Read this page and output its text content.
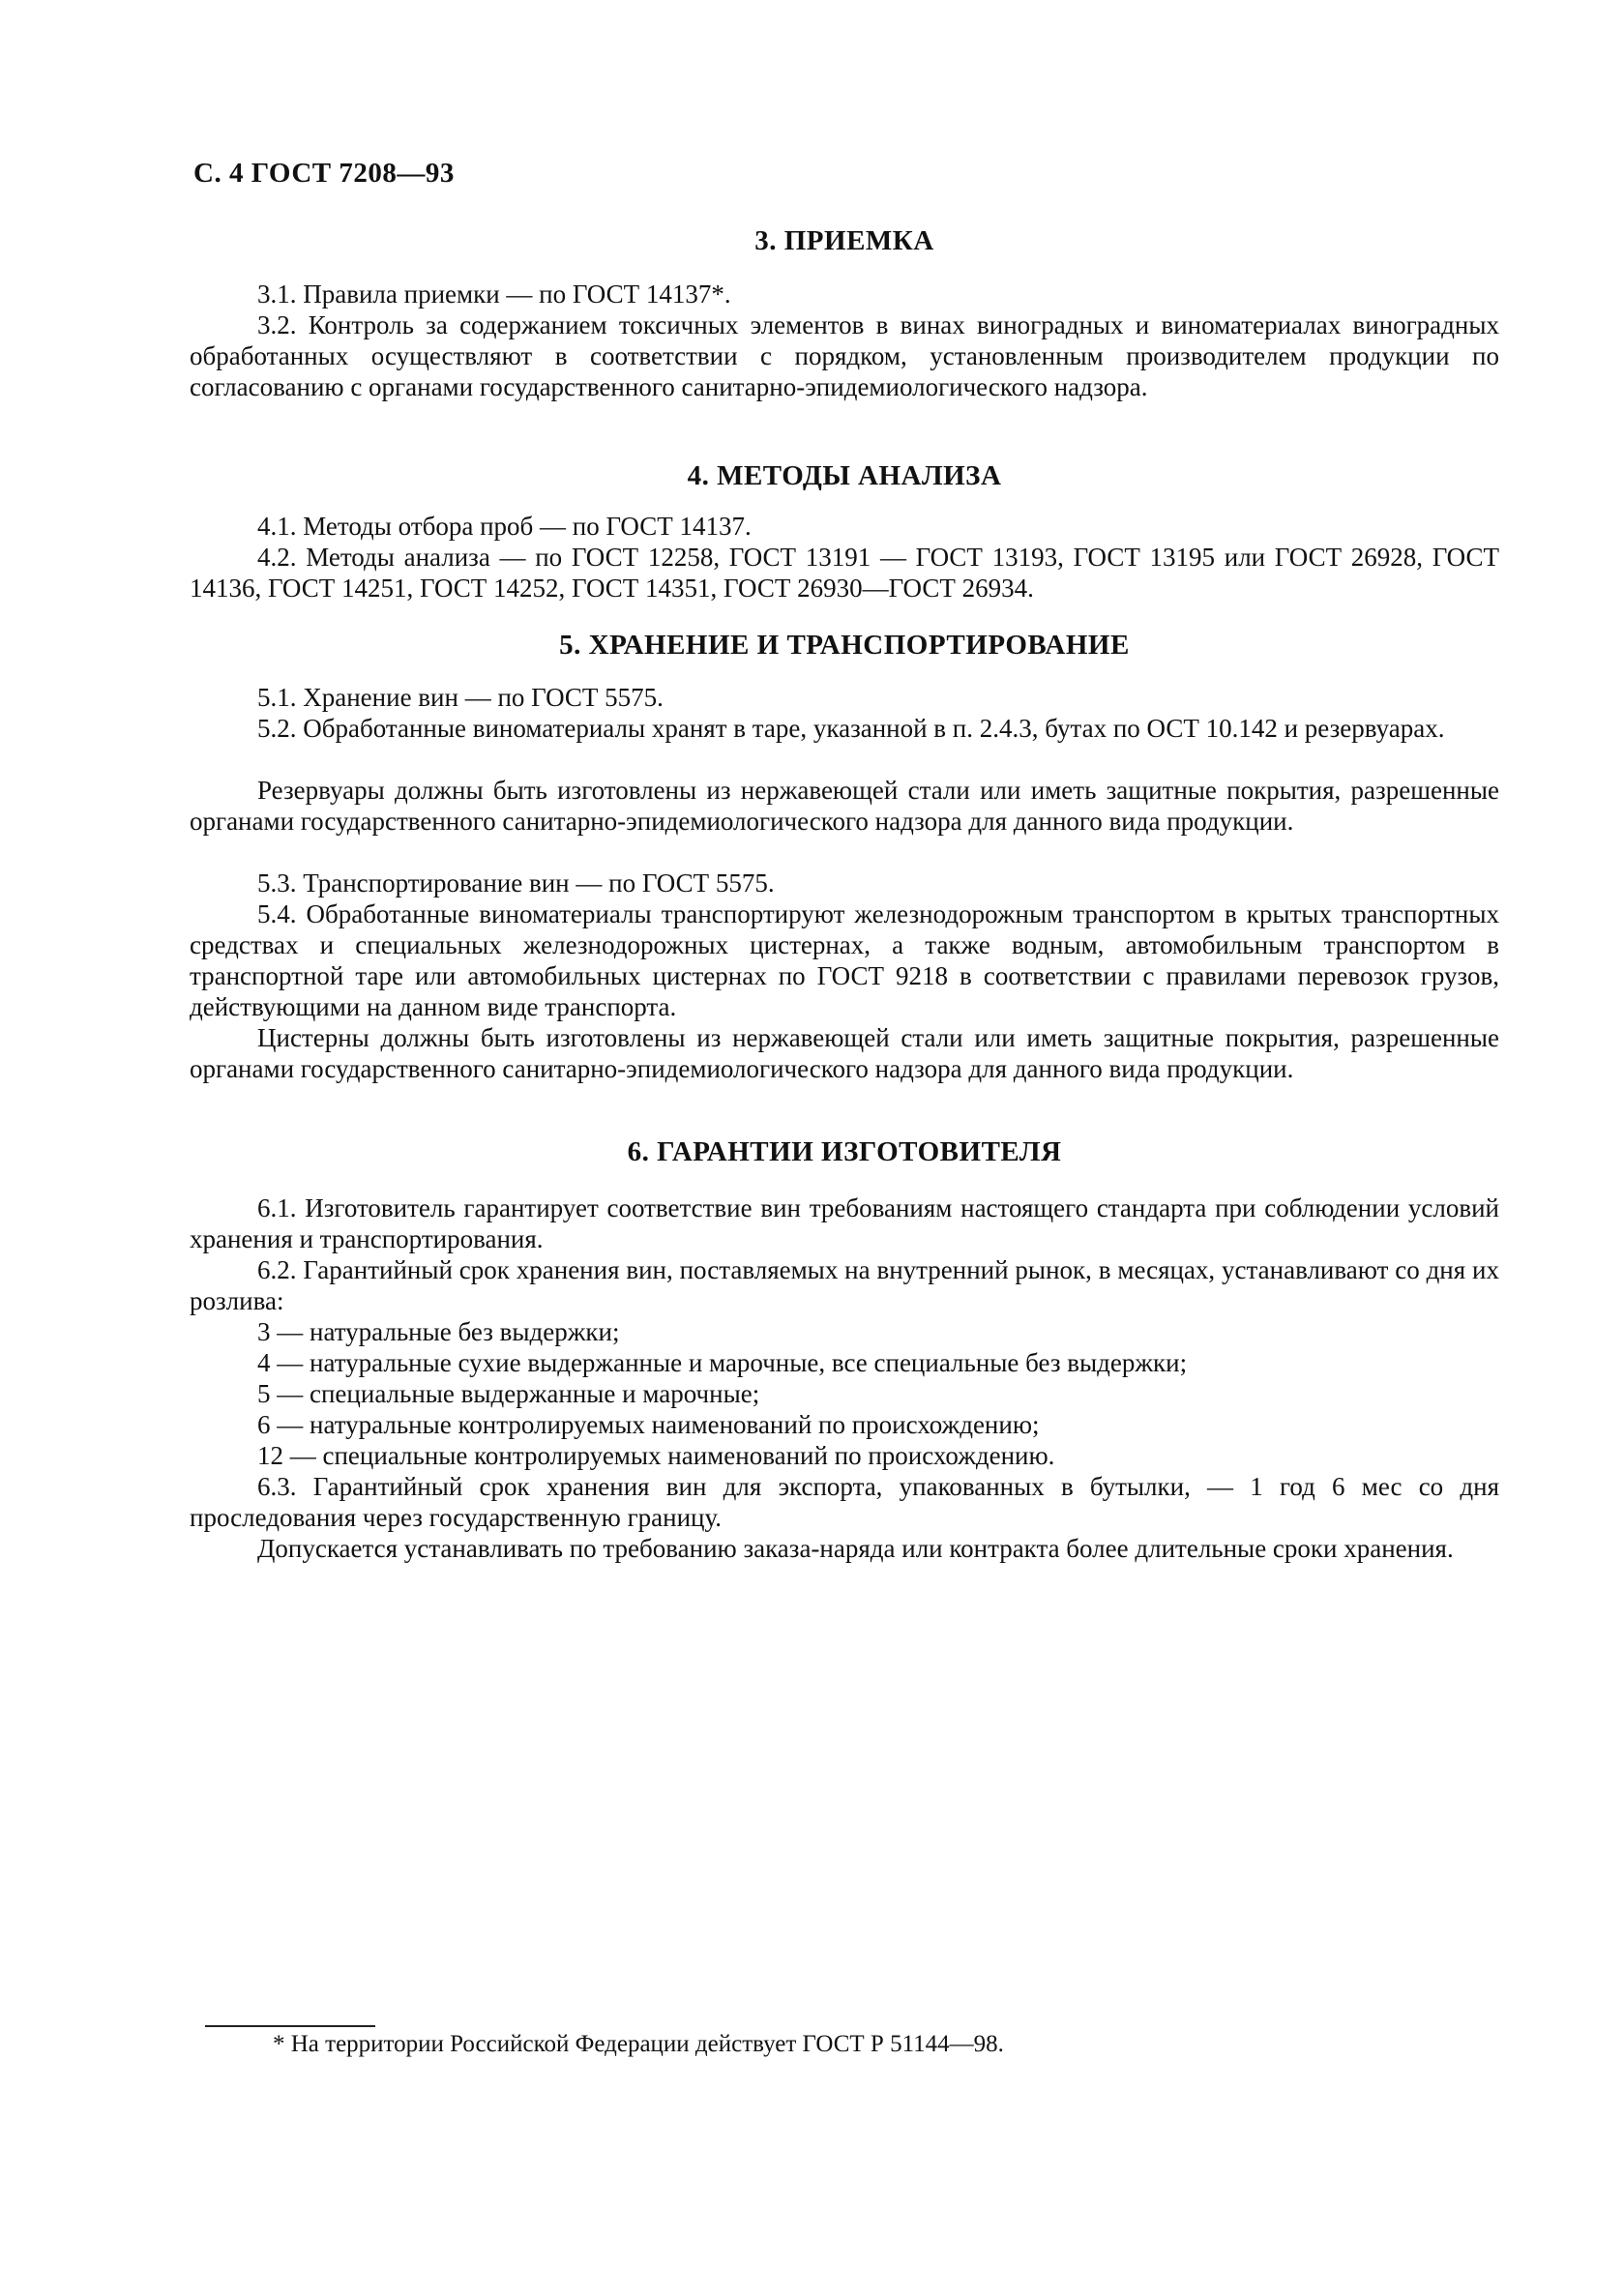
С. 4 ГОСТ 7208—93
3. ПРИЕМКА

3.1. Правила приемки — по ГОСТ 14137*.

3.2. Контроль за содержанием токсичных элементов в винах виноградных и виноматериалах виноградных обработанных осуществляют в соответствии с порядком, установленным производителем продукции по согласованию с органами государственного санитарно-эпидемиологического надзора.

4. МЕТОДЫ АНАЛИЗА

4.1. Методы отбора проб — по ГОСТ 14137.

4.2. Методы анализа — по ГОСТ 12258, ГОСТ 13191 — ГОСТ 13193, ГОСТ 13195 или ГОСТ 26928, ГОСТ 14136, ГОСТ 14251, ГОСТ 14252, ГОСТ 14351, ГОСТ 26930—ГОСТ 26934.

5. ХРАНЕНИЕ И ТРАНСПОРТИРОВАНИЕ

5.1. Хранение вин — по ГОСТ 5575.

5.2. Обработанные виноматериалы хранят в таре, указанной в п. 2.4.3, бутах по ОСТ 10.142 и резервуарах.

Резервуары должны быть изготовлены из нержавеющей стали или иметь защитные покрытия, разрешенные органами государственного санитарно-эпидемиологического надзора для данного вида продукции.

5.3. Транспортирование вин — по ГОСТ 5575.

5.4. Обработанные виноматериалы транспортируют железнодорожным транспортом в крытых транспортных средствах и специальных железнодорожных цистернах, а также водным, автомобильным транспортом в транспортной таре или автомобильных цистернах по ГОСТ 9218 в соответствии с правилами перевозок грузов, действующими на данном виде транспорта.

Цистерны должны быть изготовлены из нержавеющей стали или иметь защитные покрытия, разрешенные органами государственного санитарно-эпидемиологического надзора для данного вида продукции.

6. ГАРАНТИИ ИЗГОТОВИТЕЛЯ

6.1. Изготовитель гарантирует соответствие вин требованиям настоящего стандарта при соблюдении условий хранения и транспортирования.

6.2. Гарантийный срок хранения вин, поставляемых на внутренний рынок, в месяцах, устанавливают со дня их розлива:

3 — натуральные без выдержки;
4 — натуральные сухие выдержанные и марочные, все специальные без выдержки;
5 — специальные выдержанные и марочные;
6 — натуральные контролируемых наименований по происхождению;
12 — специальные контролируемых наименований по происхождению.

6.3. Гарантийный срок хранения вин для экспорта, упакованных в бутылки, — 1 год 6 мес со дня проследования через государственную границу.

Допускается устанавливать по требованию заказа-наряда или контракта более длительные сроки хранения.

* На территории Российской Федерации действует ГОСТ Р 51144—98.
